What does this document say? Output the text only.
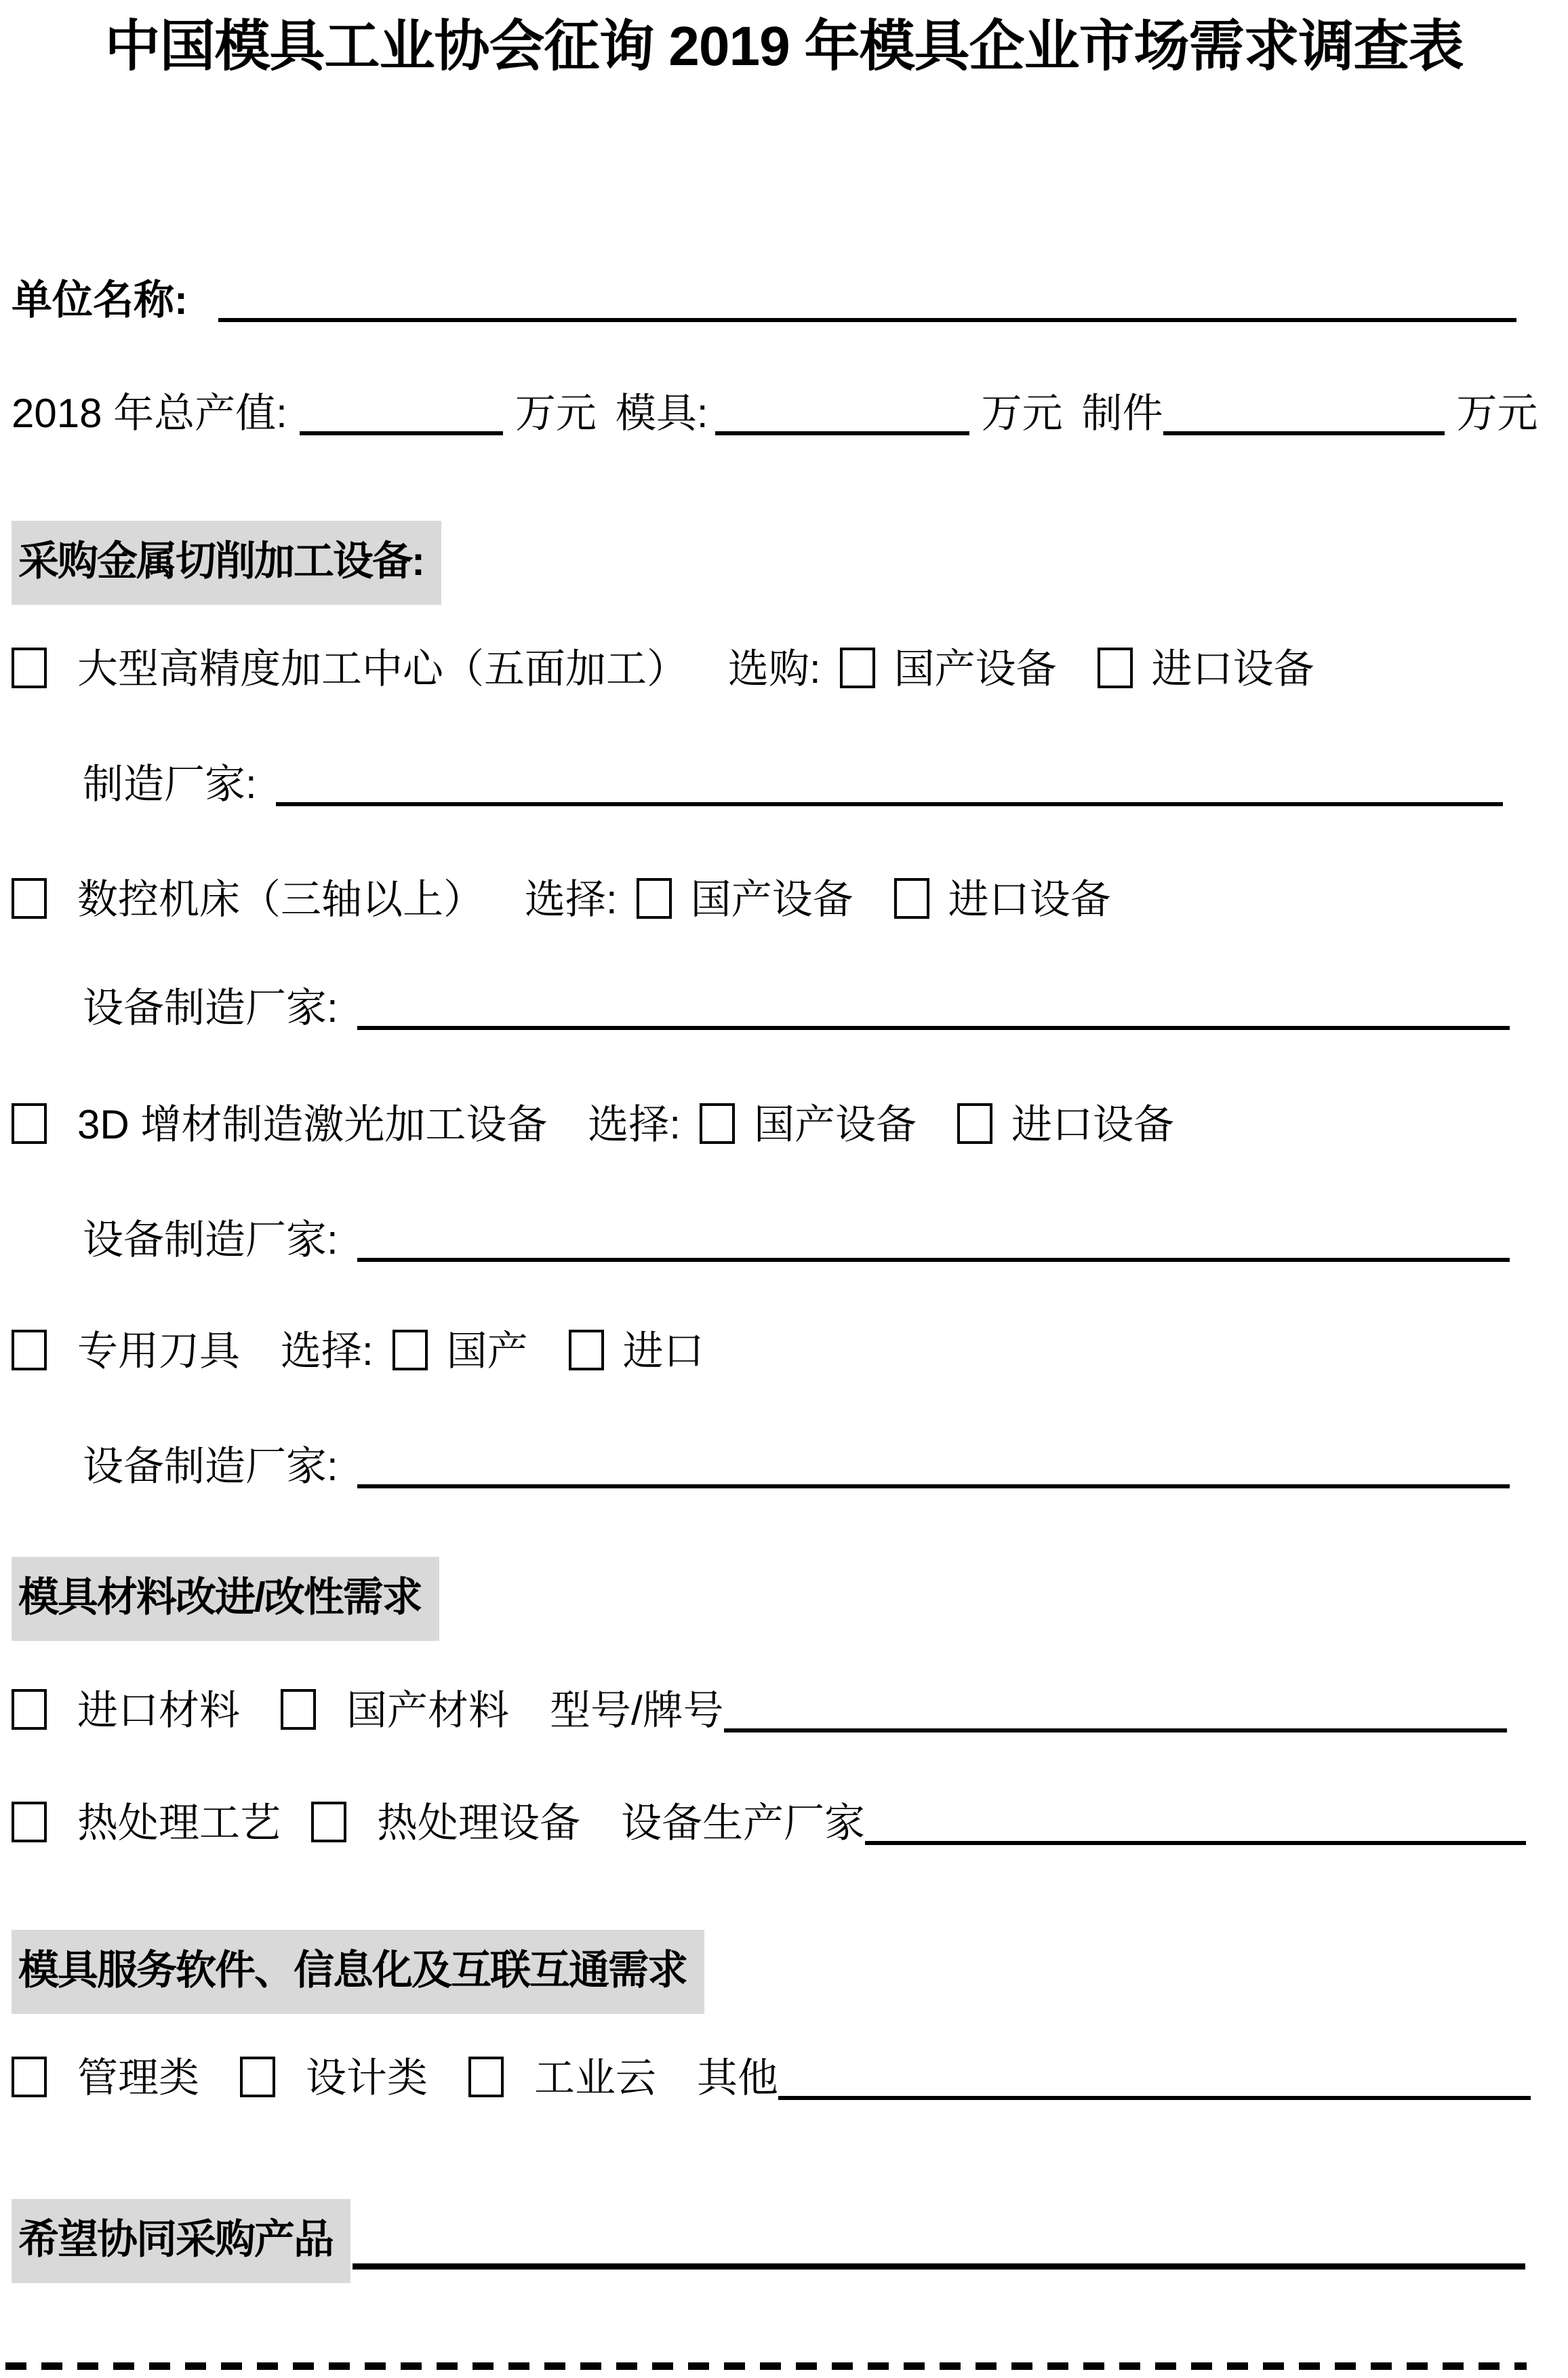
中国模具工业协会征询 2019 年模具企业市场需求调查表
单位名称:
2018 年总产值:	万元 模具:	万元 制件	万元
采购金属切削加工设备:
大型高精度加工中心（五面加工） 选购: 国产设备 进口设备
制造厂家:
数控机床（三轴以上） 选择: 国产设备 进口设备
设备制造厂家:
3D 增材制造激光加工设备 选择: 国产设备 进口设备
设备制造厂家:
专用刀具 选择: 国产 进口
设备制造厂家:
模具材料改进/改性需求
进口材料	国产材料 型号/牌号
热处理工艺 热处理设备 设备生产厂家
模具服务软件、信息化及互联互通需求
管理类	设计类	工业云 其他
希望协同采购产品
